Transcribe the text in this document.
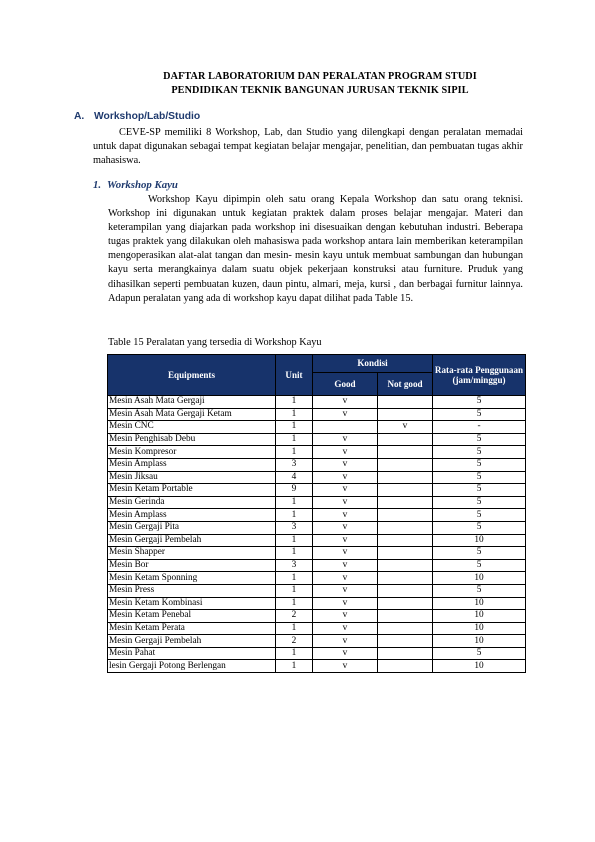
DAFTAR LABORATORIUM DAN PERALATAN PROGRAM STUDI
PENDIDIKAN TEKNIK BANGUNAN JURUSAN TEKNIK SIPIL
A. Workshop/Lab/Studio
CEVE-SP memiliki 8 Workshop, Lab, dan Studio yang dilengkapi dengan peralatan memadai untuk dapat digunakan sebagai tempat kegiatan belajar mengajar, penelitian, dan pembuatan tugas akhir mahasiswa.
1. Workshop Kayu
Workshop Kayu dipimpin oleh satu orang Kepala Workshop dan satu orang teknisi. Workshop ini digunakan untuk kegiatan praktek dalam proses belajar mengajar. Materi dan keterampilan yang diajarkan pada workshop ini disesuaikan dengan kebutuhan industri. Beberapa tugas praktek yang dilakukan oleh mahasiswa pada workshop antara lain memberikan keterampilan mengoperasikan alat-alat tangan dan mesin- mesin kayu untuk membuat sambungan dan hubungan kayu serta merangkainya dalam suatu objek pekerjaan konstruksi atau furniture. Pruduk yang dihasilkan seperti pembuatan kuzen, daun pintu, almari, meja, kursi , dan berbagai furnitur lainnya. Adapun peralatan yang ada di workshop kayu dapat dilihat pada Table 15.
Table 15 Peralatan yang tersedia di Workshop Kayu
Equipments	Unit	Kondisi		Rata-rata Penggunaan (jam/minggu)
		Good	Not good	
Mesin Asah Mata Gergaji	1	v		5
Mesin Asah Mata Gergaji Ketam	1	v		5
Mesin CNC	1		v	-
Mesin Penghisab Debu	1	v		5
Mesin Kompresor	1	v		5
Mesin Amplass	3	v		5
Mesin Jiksau	4	v		5
Mesin Ketam Portable	9	v		5
Mesin Gerinda	1	v		5
Mesin Amplass	1	v		5
Mesin Gergaji Pita	3	v		5
Mesin Gergaji Pembelah	1	v		10
Mesin Shapper	1	v		5
Mesin Bor	3	v		5
Mesin Ketam Sponning	1	v		10
Mesin Press	1	v		5
Mesin Ketam Kombinasi	1	v		10
Mesin Ketam Penebal	2	v		10
Mesin Ketam Perata	1	v		10
Mesin Gergaji Pembelah	2	v		10
Mesin Pahat	1	v		5
lesin Gergaji Potong Berlengan	1	v		10
